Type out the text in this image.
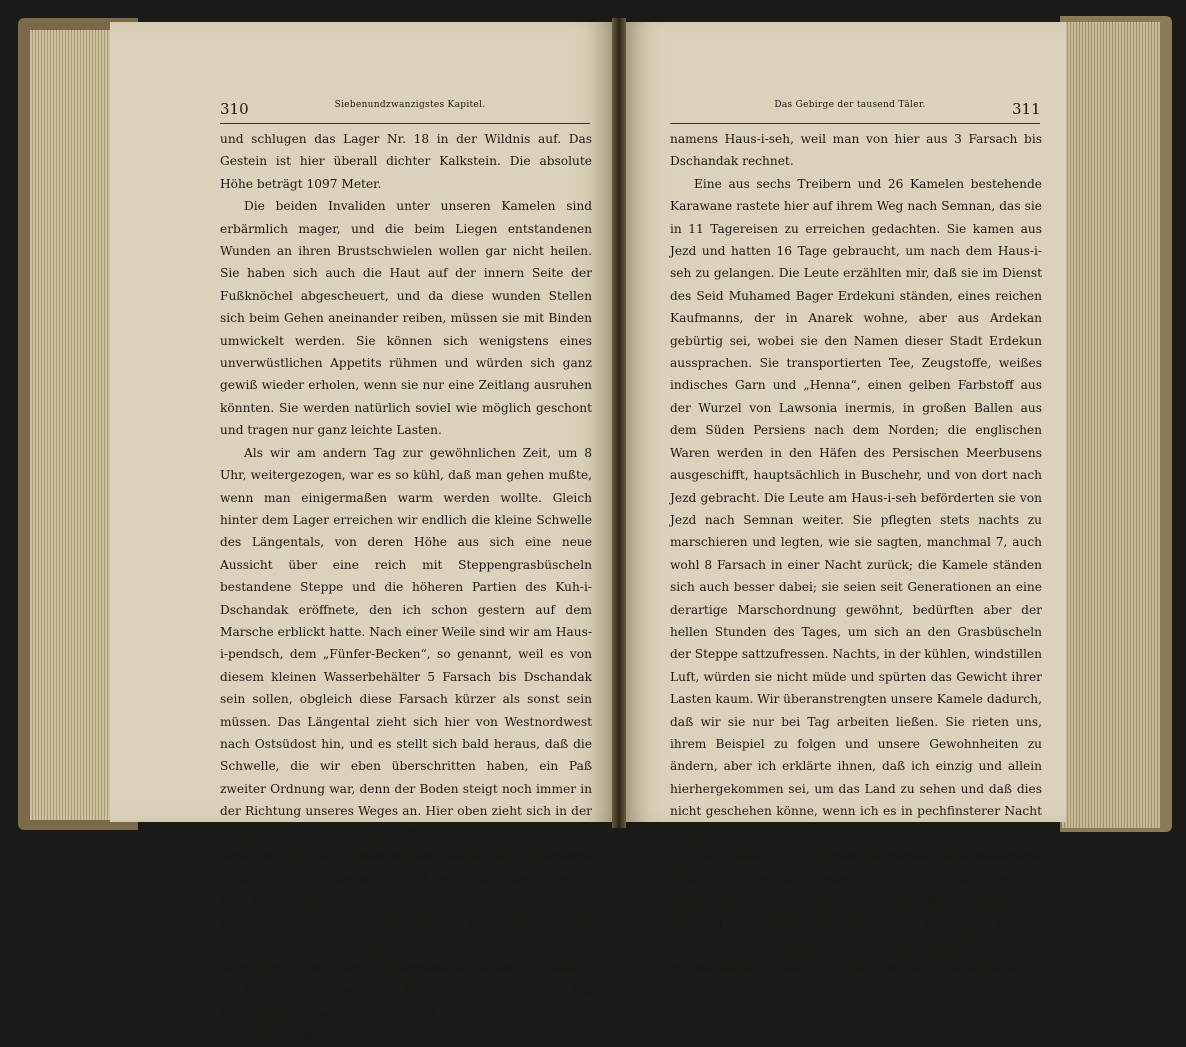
310	Siebenundzwanzigstes Kapitel.

und schlugen das Lager Nr. 18 in der Wildnis auf. Das Gestein ist hier überall dichter Kalkstein. Die absolute Höhe beträgt 1097 Meter.

Die beiden Invaliden unter unseren Kamelen sind erbärmlich mager, und die beim Liegen entstandenen Wunden an ihren Brustschwielen wollen gar nicht heilen. Sie haben sich auch die Haut auf der innern Seite der Fußknöchel abgescheuert, und da diese wunden Stellen sich beim Gehen aneinander reiben, müssen sie mit Binden umwickelt werden. Sie können sich wenigstens eines unverwüstlichen Appetits rühmen und würden sich ganz gewiß wieder erholen, wenn sie nur eine Zeitlang ausruhen könnten. Sie werden natürlich soviel wie möglich geschont und tragen nur ganz leichte Lasten.

Als wir am andern Tag zur gewöhnlichen Zeit, um 8 Uhr, weitergezogen, war es so kühl, daß man gehen mußte, wenn man einigermaßen warm werden wollte. Gleich hinter dem Lager erreichen wir endlich die kleine Schwelle des Längentals, von deren Höhe aus sich eine neue Aussicht über eine reich mit Steppengrasbüscheln bestandene Steppe und die höheren Partien des Kuh-i-Dschandak eröffnete, den ich schon gestern auf dem Marsche erblickt hatte. Nach einer Weile sind wir am Haus-i-pendsch, dem „Fünfer-Becken“, so genannt, weil es von diesem kleinen Wasserbehälter 5 Farsach bis Dschandak sein sollen, obgleich diese Farsach kürzer als sonst sein müssen. Das Längental zieht sich hier von Westnordwest nach Ostsüdost hin, und es stellt sich bald heraus, daß die Schwelle, die wir eben überschritten haben, ein Paß zweiter Ordnung war, denn der Boden steigt noch immer in der Richtung unseres Weges an. Hier oben zieht sich in der Mitte des Tales eine breite Abflußrinne hin, die nach Osten geht und im Ostsüdosten in eine weiter östlich liegende Südbucht der Salzwüste, die Kewir-i-Chur und Kewir-i-Meridschun heißt, ausmünden soll; ich sollte sie später noch genauer kennenlernen. Jetzt befanden wir uns tatsächlich auf einer Halbinsel des festen Landes, die sich nach Norden hin in den Schlammsee der Kewir hineinzieht.

Hinter einem höheren Paß (1194 Meter), der den Kamelen sauer wird, gelangen wir wieder an einen „Haus“ oder „Abambar“

311
Das Gebirge der tausend Täler.

namens Haus-i-seh, weil man von hier aus 3 Farsach bis Dschandak rechnet.

Eine aus sechs Treibern und 26 Kamelen bestehende Karawane rastete hier auf ihrem Weg nach Semnan, das sie in 11 Tagereisen zu erreichen gedachten. Sie kamen aus Jezd und hatten 16 Tage gebraucht, um nach dem Haus-i-seh zu gelangen. Die Leute erzählten mir, daß sie im Dienst des Seid Muhamed Bager Erdekuni ständen, eines reichen Kaufmanns, der in Anarek wohne, aber aus Ardekan gebürtig sei, wobei sie den Namen dieser Stadt Erdekun aussprachen. Sie transportierten Tee, Zeugstoffe, weißes indisches Garn und „Henna“, einen gelben Farbstoff aus der Wurzel von Lawsonia inermis, in großen Ballen aus dem Süden Persiens nach dem Norden; die englischen Waren werden in den Häfen des Persischen Meerbusens ausgeschifft, hauptsächlich in Buschehr, und von dort nach Jezd gebracht. Die Leute am Haus-i-seh beförderten sie von Jezd nach Semnan weiter. Sie pflegten stets nachts zu marschieren und legten, wie sie sagten, manchmal 7, auch wohl 8 Farsach in einer Nacht zurück; die Kamele ständen sich auch besser dabei; sie seien seit Generationen an eine derartige Marschordnung gewöhnt, bedürften aber der hellen Stunden des Tages, um sich an den Grasbüscheln der Steppe sattzufressen. Nachts, in der kühlen, windstillen Luft, würden sie nicht müde und spürten das Gewicht ihrer Lasten kaum. Wir überanstrengten unsere Kamele dadurch, daß wir sie nur bei Tag arbeiten ließen. Sie rieten uns, ihrem Beispiel zu folgen und unsere Gewohnheiten zu ändern, aber ich erklärte ihnen, daß ich einzig und allein hierhergekommen sei, um das Land zu sehen und daß dies nicht geschehen könne, wenn ich es in pechfinsterer Nacht durchreiste.

Sie bildeten in der toten Landschaft eine malerische Gruppe, als sie im Windschatten des Brunnengewölbes saßen, rauchten, Brot aßen und ihre Wasserschalen vor sich und einen gefüllten Tonkrug in der Mitte ihres Kreises stehen hatten (Abb. 86). Einer von ihnen beschäftigte sich mit den Kamelen (Abb. 87), die ihr Mittagfutter erhielten,
